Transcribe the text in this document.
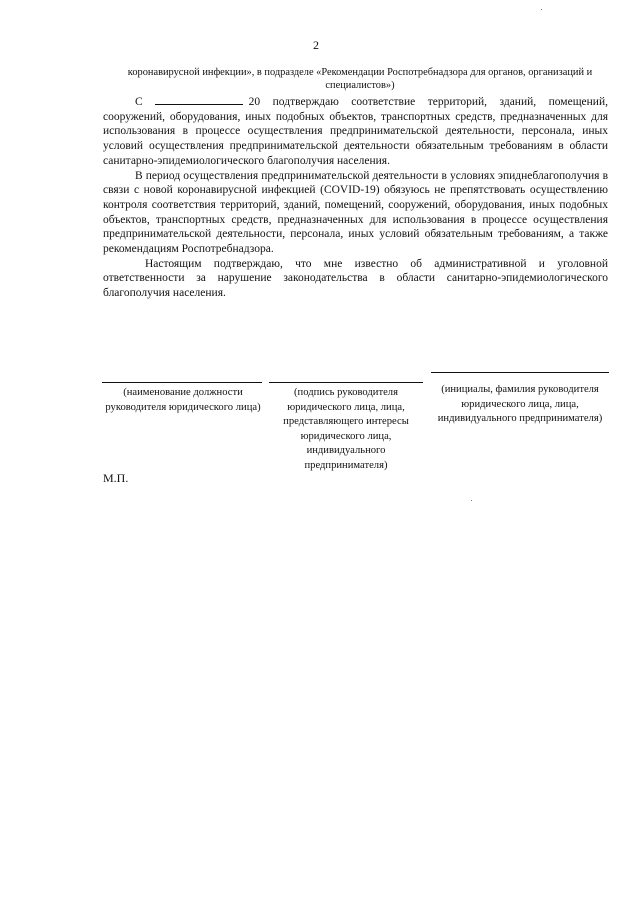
2
коронавирусной инфекции», в подразделе «Рекомендации Роспотребнадзора для органов, организаций и специалистов»)

С	20 подтверждаю соответствие территорий, зданий, помещений, сооружений, оборудования, иных подобных объектов, транспортных средств, предназначенных для использования в процессе осуществления предпринимательской деятельности, персонала, иных условий осуществления предпринимательской деятельности обязательным требованиям в области санитарно-эпидемиологического благополучия населения.

В период осуществления предпринимательской деятельности в условиях эпиднеблагополучия в связи с новой коронавирусной инфекцией (COVID-19) обязуюсь не препятствовать осуществлению контроля соответствия территорий, зданий, помещений, сооружений, оборудования, иных подобных объектов, транспортных средств, предназначенных для использования в процессе осуществления предпринимательской деятельности, персонала, иных условий обязательным требованиям, а также рекомендациям Роспотребнадзора.

Настоящим подтверждаю, что мне известно об административной и уголовной ответственности за нарушение законодательства в области санитарно-эпидемиологического благополучия населения.

(наименование должности руководителя юридического лица)
(подпись руководителя юридического лица, лица, представляющего интересы юридического лица, индивидуального предпринимателя)
(инициалы, фамилия руководителя юридического лица, лица, индивидуального предпринимателя)
М.П.
